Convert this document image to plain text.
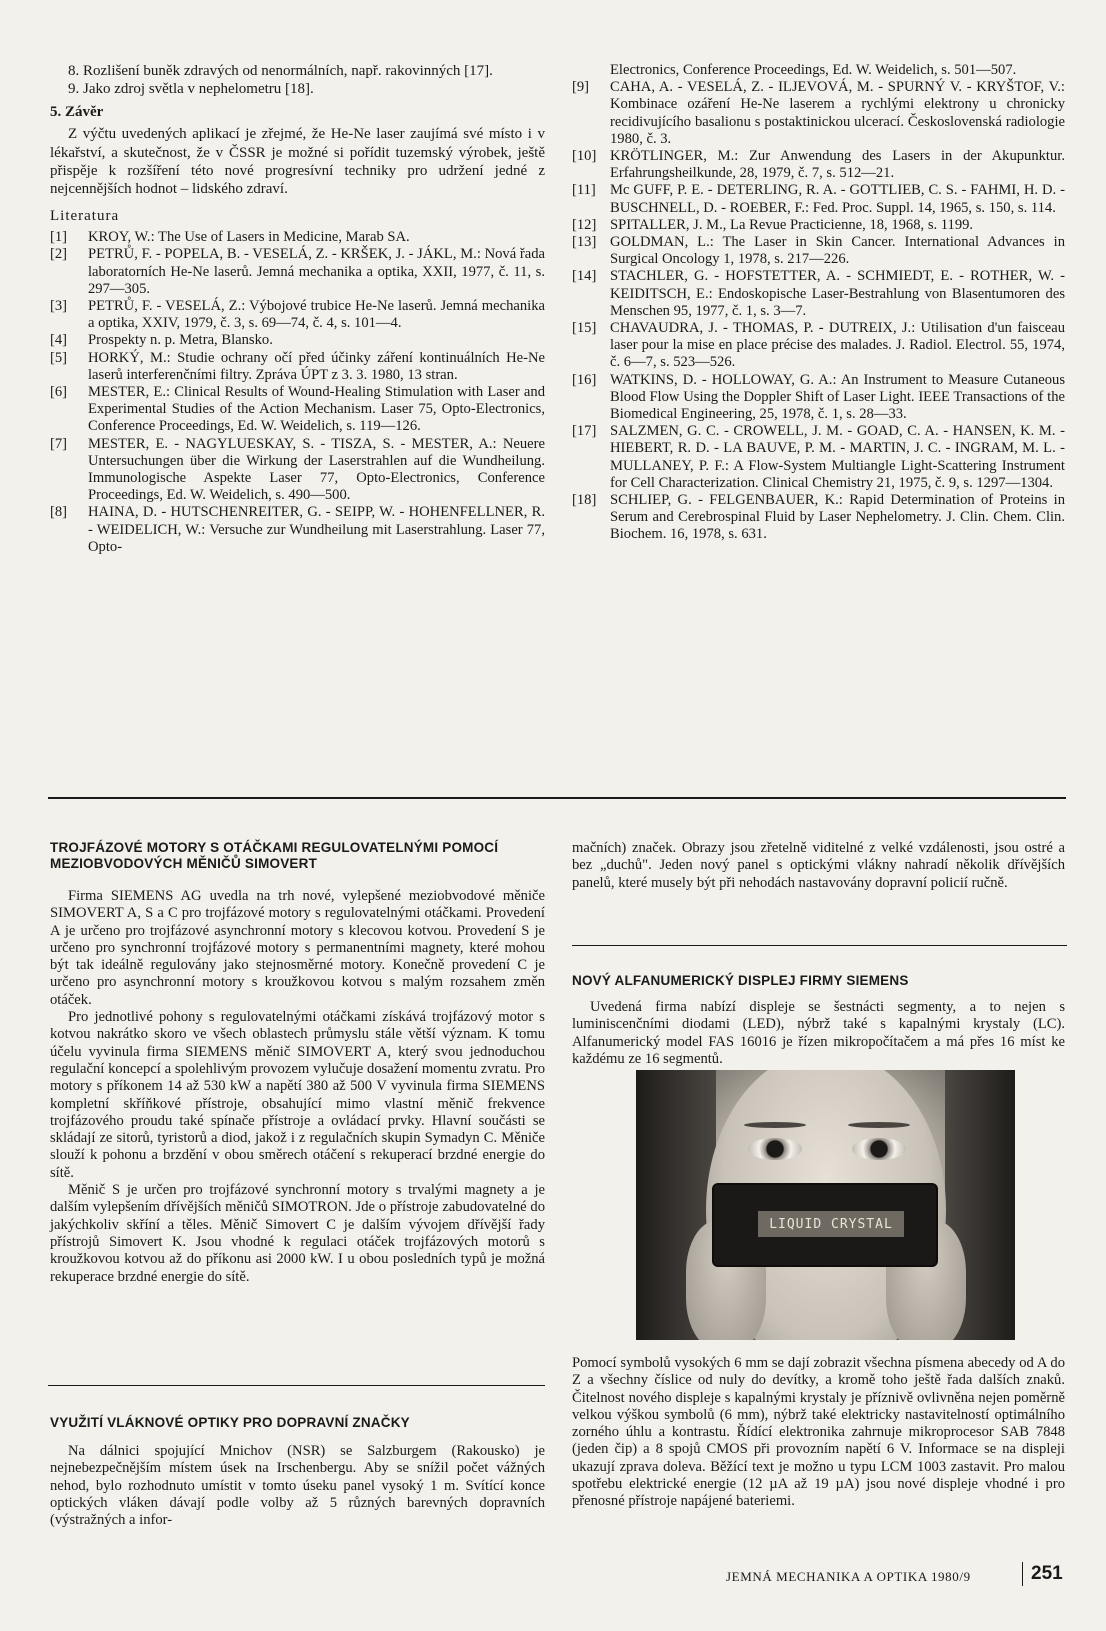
8. Rozlišení buněk zdravých od nenormálních, např. rakovinných [17].

9. Jako zdroj světla v nephelometru [18].

5. Závěr

Z výčtu uvedených aplikací je zřejmé, že He-Ne laser zaujímá své místo i v lékařství, a skutečnost, že v ČSSR je možné si pořídit tuzemský výrobek, ještě přispěje k rozšíření této nové progresívní techniky pro udržení jedné z nejcennějších hodnot – lidského zdraví.

Literatura
[1]	KROY, W.: The Use of Lasers in Medicine, Marab SA.
[2]	PETRŮ, F. - POPELA, B. - VESELÁ, Z. - KRŠEK, J. - JÁKL, M.: Nová řada laboratorních He-Ne laserů. Jemná mechanika a optika, XXII, 1977, č. 11, s. 297—305.
[3]	PETRŮ, F. - VESELÁ, Z.: Výbojové trubice He-Ne laserů. Jemná mechanika a optika, XXIV, 1979, č. 3, s. 69—74, č. 4, s. 101—4.
[4]	Prospekty n. p. Metra, Blansko.
[5]	HORKÝ, M.: Studie ochrany očí před účinky záření kontinuálních He-Ne laserů interferenčními filtry. Zpráva ÚPT z 3. 3. 1980, 13 stran.
[6]	MESTER, E.: Clinical Results of Wound-Healing Stimulation with Laser and Experimental Studies of the Action Mechanism. Laser 75, Opto-Electronics, Conference Proceedings, Ed. W. Weidelich, s. 119—126.
[7]	MESTER, E. - NAGYLUESKAY, S. - TISZA, S. - MESTER, A.: Neuere Untersuchungen über die Wirkung der Laserstrahlen auf die Wundheilung. Immunologische Aspekte Laser 77, Opto-Electronics, Conference Proceedings, Ed. W. Weidelich, s. 490—500.
[8]	HAINA, D. - HUTSCHENREITER, G. - SEIPP, W. - HOHENFELLNER, R. - WEIDELICH, W.: Versuche zur Wundheilung mit Laserstrahlung. Laser 77, Opto-
Electronics, Conference Proceedings, Ed. W. Weidelich, s. 501—507.
[9]	CAHA, A. - VESELÁ, Z. - ILJEVOVÁ, M. - SPURNÝ V. - KRYŠTOF, V.: Kombinace ozáření He-Ne laserem a rychlými elektrony u chronicky recidivujícího basalionu s postaktinickou ulcerací. Československá radiologie 1980, č. 3.
[10] KRÖTLINGER, M.: Zur Anwendung des Lasers in der Akupunktur. Erfahrungsheilkunde, 28, 1979, č. 7, s. 512—21.
[11] Mc GUFF, P. E. - DETERLING, R. A. - GOTTLIEB, C. S. - FAHMI, H. D. - BUSCHNELL, D. - ROEBER, F.: Fed. Proc. Suppl. 14, 1965, s. 150, s. 114.
[12] SPITALLER, J. M., La Revue Practicienne, 18, 1968, s. 1199.
[13] GOLDMAN, L.: The Laser in Skin Cancer. International Advances in Surgical Oncology 1, 1978, s. 217—226.
[14] STACHLER, G. - HOFSTETTER, A. - SCHMIEDT, E. - ROTHER, W. - KEIDITSCH, E.: Endoskopische Laser-Bestrahlung von Blasentumoren des Menschen 95, 1977, č. 1, s. 3—7.
[15] CHAVAUDRA, J. - THOMAS, P. - DUTREIX, J.: Utilisation d'un faisceau laser pour la mise en place précise des malades. J. Radiol. Electrol. 55, 1974, č. 6—7, s. 523—526.
[16] WATKINS, D. - HOLLOWAY, G. A.: An Instrument to Measure Cutaneous Blood Flow Using the Doppler Shift of Laser Light. IEEE Transactions of the Biomedical Engineering, 25, 1978, č. 1, s. 28—33.
[17] SALZMEN, G. C. - CROWELL, J. M. - GOAD, C. A. - HANSEN, K. M. - HIEBERT, R. D. - LA BAUVE, P. M. - MARTIN, J. C. - INGRAM, M. L. - MULLANEY, P. F.: A Flow-System Multiangle Light-Scattering Instrument for Cell Characterization. Clinical Chemistry 21, 1975, č. 9, s. 1297—1304.
[18] SCHLIEP, G. - FELGENBAUER, K.: Rapid Determination of Proteins in Serum and Cerebrospinal Fluid by Laser Nephelometry. J. Clin. Chem. Clin. Biochem. 16, 1978, s. 631.
TROJFÁZOVÉ MOTORY S OTÁČKAMI REGULOVATELNÝMI POMOCÍ MEZIOBVODOVÝCH MĚNIČŮ SIMOVERT

Firma SIEMENS AG uvedla na trh nové, vylepšené meziobvodové měniče SIMOVERT A, S a C pro trojfázové motory s regulovatelnými otáčkami. Provedení A je určeno pro trojfázové asynchronní motory s klecovou kotvou. Provedení S je určeno pro synchronní trojfázové motory s permanentními magnety, které mohou být tak ideálně regulovány jako stejnosměrné motory. Konečně provedení C je určeno pro asynchronní motory s kroužkovou kotvou s malým rozsahem změn otáček.

Pro jednotlivé pohony s regulovatelnými otáčkami získává trojfázový motor s kotvou nakrátko skoro ve všech oblastech průmyslu stále větší význam. K tomu účelu vyvinula firma SIEMENS měnič SIMOVERT A, který svou jednoduchou regulační koncepcí a spolehlivým provozem vylučuje dosažení momentu zvratu. Pro motory s příkonem 14 až 530 kW a napětí 380 až 500 V vyvinula firma SIEMENS kompletní skříňkové přístroje, obsahující mimo vlastní měnič frekvence trojfázového proudu také spínače přístroje a ovládací prvky. Hlavní součásti se skládají ze sitorů, tyristorů a diod, jakož i z regulačních skupin Symadyn C. Měniče slouží k pohonu a brzdění v obou směrech otáčení s rekuperací brzdné energie do sítě.

Měnič S je určen pro trojfázové synchronní motory s trvalými magnety a je dalším vylepšením dřívějších měničů SIMOTRON. Jde o přístroje zabudovatelné do jakýchkoliv skříní a těles. Měnič Simovert C je dalším vývojem dřívější řady přístrojů Simovert K. Jsou vhodné k regulaci otáček trojfázových motorů s kroužkovou kotvou až do příkonu asi 2000 kW. I u obou posledních typů je možná rekuperace brzdné energie do sítě.

VYUŽITÍ VLÁKNOVÉ OPTIKY PRO DOPRAVNÍ ZNAČKY

Na dálnici spojující Mnichov (NSR) se Salzburgem (Rakousko) je nejnebezpečnějším místem úsek na Irschenbergu. Aby se snížil počet vážných nehod, bylo rozhodnuto umístit v tomto úseku panel vysoký 1 m. Svítící konce optických vláken dávají podle volby až 5 různých barevných dopravních (výstražných a infor-

mačních) značek. Obrazy jsou zřetelně viditelné z velké vzdálenosti, jsou ostré a bez „duchů". Jeden nový panel s optickými vlákny nahradí několik dřívějších panelů, které musely být při nehodách nastavovány dopravní policií ručně.

NOVÝ ALFANUMERICKÝ DISPLEJ FIRMY SIEMENS

Uvedená firma nabízí displeje se šestnácti segmenty, a to nejen s luminiscenčními diodami (LED), nýbrž také s kapalnými krystaly (LC). Alfanumerický model FAS 16016 je řízen mikropočítačem a má přes 16 míst ke každému ze 16 segmentů.

LIQUID CRYSTAL

Pomocí symbolů vysokých 6 mm se dají zobrazit všechna písmena abecedy od A do Z a všechny číslice od nuly do devítky, a kromě toho ještě řada dalších znaků. Čitelnost nového displeje s kapalnými krystaly je příznivě ovlivněna nejen poměrně velkou výškou symbolů (6 mm), nýbrž také elektricky nastavitelností optimálního zorného úhlu a kontrastu. Řídící elektronika zahrnuje mikroprocesor SAB 7848 (jeden čip) a 8 spojů CMOS při provozním napětí 6 V. Informace se na displeji ukazují zprava doleva. Běžící text je možno u typu LCM 1003 zastavit. Pro malou spotřebu elektrické energie (12 µA až 19 µA) jsou nové displeje vhodné i pro přenosné přístroje napájené bateriemi.

JEMNÁ MECHANIKA A OPTIKA 1980/9	251
